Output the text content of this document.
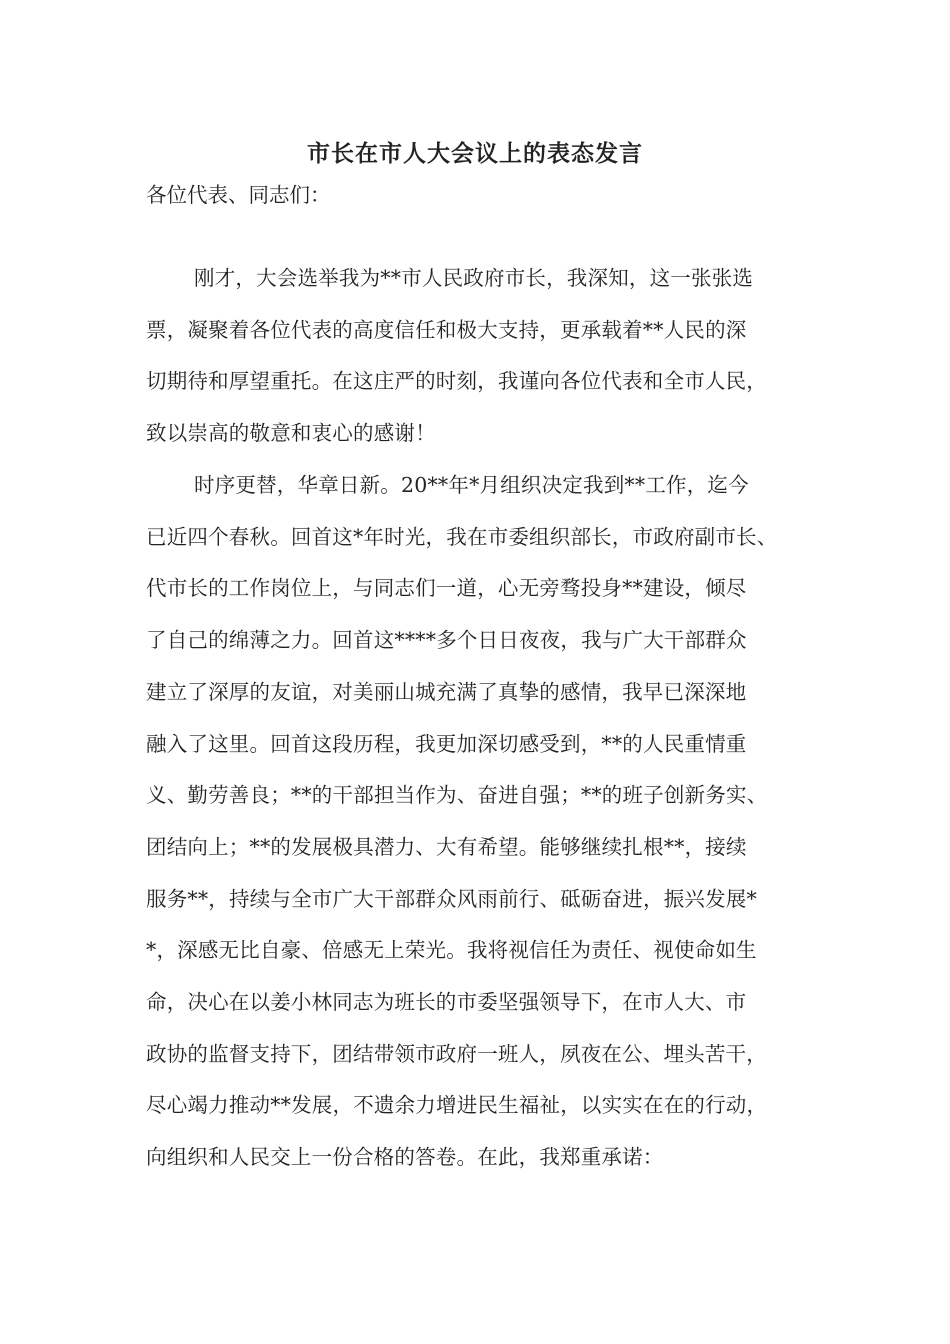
市长在市人大会议上的表态发言

各位代表、同志们：

刚才，大会选举我为**市人民政府市长，我深知，这一张张选
票，凝聚着各位代表的高度信任和极大支持，更承载着**人民的深
切期待和厚望重托。在这庄严的时刻，我谨向各位代表和全市人民，
致以崇高的敬意和衷心的感谢！
时序更替，华章日新。20**年*月组织决定我到**工作，迄今
已近四个春秋。回首这*年时光，我在市委组织部长，市政府副市长、
代市长的工作岗位上，与同志们一道，心无旁骛投身**建设，倾尽
了自己的绵薄之力。回首这****多个日日夜夜，我与广大干部群众
建立了深厚的友谊，对美丽山城充满了真挚的感情，我早已深深地
融入了这里。回首这段历程，我更加深切感受到，**的人民重情重
义、勤劳善良；**的干部担当作为、奋进自强；**的班子创新务实、
团结向上；**的发展极具潜力、大有希望。能够继续扎根**，接续
服务**，持续与全市广大干部群众风雨前行、砥砺奋进，振兴发展*
*，深感无比自豪、倍感无上荣光。我将视信任为责任、视使命如生
命，决心在以姜小林同志为班长的市委坚强领导下，在市人大、市
政协的监督支持下，团结带领市政府一班人，夙夜在公、埋头苦干，
尽心竭力推动**发展，不遗余力增进民生福祉，以实实在在的行动，
向组织和人民交上一份合格的答卷。在此，我郑重承诺：
